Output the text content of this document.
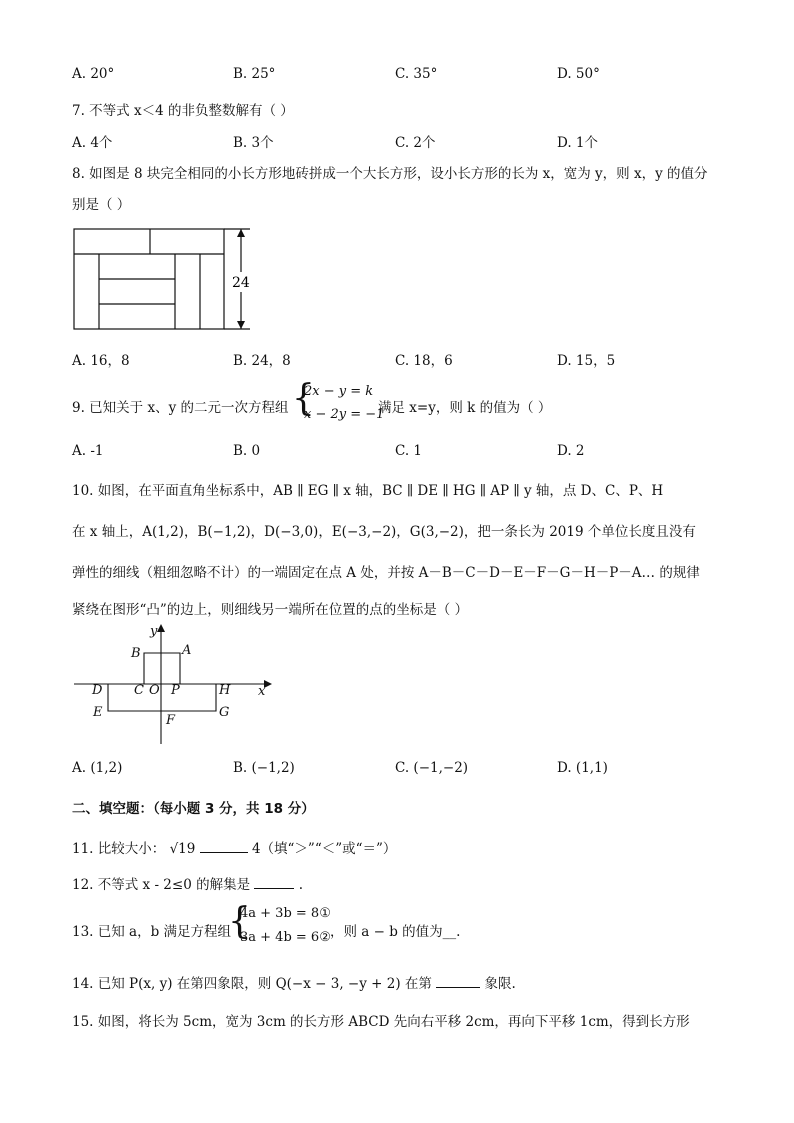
A. 20°	B. 25°	C. 35°	D. 50°
7. 不等式 x＜4 的非负整数解有（ ）
A. 4个	B. 3个	C. 2个	D. 1个
8. 如图是 8 块完全相同的小长方形地砖拼成一个大长方形，设小长方形的长为 x，宽为 y，则 x，y 的值分
别是（ ）
24
A. 16，8	B. 24，8	C. 18，6	D. 15，5
9. 已知关于 x、y 的二元一次方程组 {
2x − y = k
x − 2y = −1
满足 x=y，则 k 的值为（ ）
A. -1	B. 0	C. 1	D. 2
10. 如图，在平面直角坐标系中，AB ∥ EG ∥ x 轴，BC ∥ DE ∥ HG ∥ AP ∥ y 轴，点 D、C、P、H
在 x 轴上，A(1,2)，B(−1,2)，D(−3,0)，E(−3,−2)，G(3,−2)，把一条长为 2019 个单位长度且没有
弹性的细线（粗细忽略不计）的一端固定在点 A 处，并按 A－B－C－D－E－F－G－H－P－A… 的规律
紧绕在图形“凸”的边上，则细线另一端所在位置的点的坐标是（ ）
y
x
A
B
C O P
D	H
E
F
G
A. (1,2)	B. (−1,2)	C. (−1,−2)	D. (1,1)
二、填空题：（每小题 3 分，共 18 分）
11. 比较大小： √19	4（填“＞”“＜”或“＝”）
12. 不等式 x - 2≤0 的解集是	.
13. 已知 a，b 满足方程组
{
4a + 3b = 8①
3a + 4b = 6② ，则 a − b 的值为__.
14. 已知 P(x, y) 在第四象限，则 Q(−x − 3, −y + 2) 在第	象限.
15. 如图，将长为 5cm，宽为 3cm 的长方形 ABCD 先向右平移 2cm，再向下平移 1cm，得到长方形
